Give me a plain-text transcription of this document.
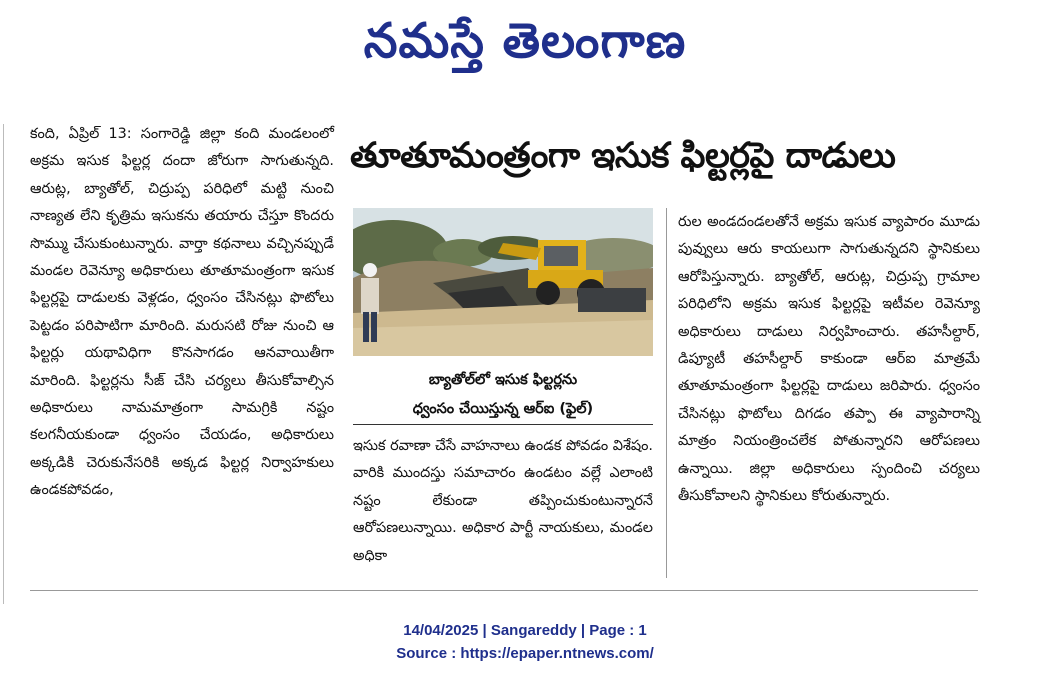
నమస్తే తెలంగాణ

కంది, ఏప్రిల్‌ 13: సంగారెడ్డి జిల్లా కంది మండలంలో అక్రమ ఇసుక ఫిల్టర్ల దందా జోరుగా సాగుతున్నది. ఆరుట్ల, బ్యాతోల్‌, చిద్రుప్ప పరిధిలో మట్టి నుంచి నాణ్యత లేని కృత్రిమ ఇసుకను తయారు చేస్తూ కొందరు సొమ్ము చేసుకుంటున్నారు. వార్తా కథనాలు వచ్చినప్పుడే మండల రెవెన్యూ అధికారులు తూతూమంత్రంగా ఇసుక ఫిల్టర్లపై దాడులకు వెళ్లడం, ధ్వంసం చేసినట్లు ఫొటోలు పెట్టడం పరిపాటిగా మారింది. మరుసటి రోజు నుంచి ఆ ఫిల్టర్లు యథావిధిగా కొనసాగడం ఆనవాయితీగా మారింది. ఫిల్టర్లను సీజ్‌ చేసి చర్యలు తీసుకోవాల్సిన అధికారులు నామమాత్రంగా సామగ్రికి నష్టం కలగనీయకుండా ధ్వంసం చేయడం, అధికారులు అక్కడికి చెరుకునేసరికి అక్కడ ఫిల్టర్ల నిర్వాహకులు ఉండకపోవడం,

తూతూమంత్రంగా ఇసుక ఫిల్టర్లపై దాడులు
బ్యాతోల్‌లో ఇసుక ఫిల్టర్లను
ధ్వంసం చేయిస్తున్న ఆర్‌ఐ (ఫైల్‌)

ఇసుక రవాణా చేసే వాహనాలు ఉండక పోవడం విశేషం. వారికి ముందస్తు సమాచారం ఉండటం వల్లే ఎలాంటి నష్టం లేకుండా తప్పించుకుంటున్నారనే ఆరోపణలున్నాయి. అధికార పార్టీ నాయకులు, మండల అధికా

రుల అండదండలతోనే అక్రమ ఇసుక వ్యాపారం మూడు పువ్వులు ఆరు కాయలుగా సాగుతున్నదని స్థానికులు ఆరోపిస్తున్నారు. బ్యాతోల్‌, ఆరుట్ల, చిద్రుప్ప గ్రామాల పరిధిలోని అక్రమ ఇసుక ఫిల్టర్లపై ఇటీవల రెవెన్యూ అధికారులు దాడులు నిర్వహించారు. తహసీల్దార్‌, డిప్యూటీ తహసీల్దార్‌ కాకుండా ఆర్‌ఐ మాత్రమే తూతూమంత్రంగా ఫిల్టర్లపై దాడులు జరిపారు. ధ్వంసం చేసినట్లు ఫొటోలు దిగడం తప్పా ఈ వ్యాపారాన్ని మాత్రం నియంత్రించలేక పోతున్నారని ఆరోపణలు ఉన్నాయి. జిల్లా అధికారులు స్పందించి చర్యలు తీసుకోవాలని స్థానికులు కోరుతున్నారు.

14/04/2025 | Sangareddy | Page : 1
Source : https://epaper.ntnews.com/
